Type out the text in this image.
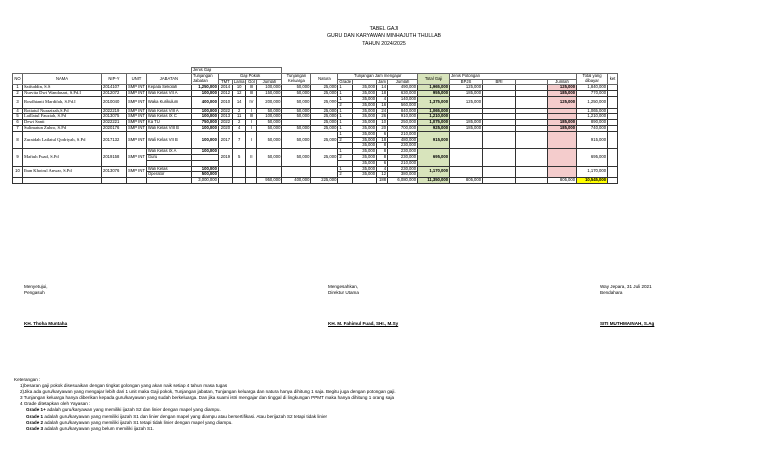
TABEL GAJI
GURU DAN KARYAWAN MINHAJUTH THULLAB
TAHUN 2024/2025
					Jenis Gaji																	
NO	NAMA	NIP-Y	UNIT	JABATAN	Tunjangan Jabatan	Gaji Pokok				Tunjangan Keluarga	Natura	Tunjangan Jam mengajar				Total Gaji	Jenis Potongan				Total yang dibayar	ket
						TMT	Lama	Gol	Jumlah			Grade		Jam	Jumlah		BPJS	BRI		Jumlah		
1	Saifuddin, S.S	2014107	SMP INT	Kepala Sekolah	1,250,000	2014	10	III	100,000	50,000	25,000	1	35,000	14	490,000	1,965,000	125,000			125,000	1,840,000	
2	Nurvita Dwi Wandasari, S.Pd.I	2012072	SMP INT	Wali Kelas VII A	100,000	2012	12	III	150,000	50,000	25,000	1	35,000	18	630,000	955,000	185,000			185,000	770,000	
3	Rosdhianti Mardifah, S.Pd.I	2010040	SMP INT	Waka Kurikulum	400,000	2010	14	IV	200,000	50,000	25,000	1	35,000	4	140,000	1,375,000	125,000			125,000	1,250,000	
												2	35,000	16	560,000							
4	Rotiatul Nurazizah,S.Pd	2022219	SMP INT	Wali Kelas VIII A	100,000	2022	2	I	50,000	50,000	25,000	1	35,000	24	840,000	1,065,000					1,065,000	
5	Laillatul Fauziah, S.Pd	2013075	SMP INT	Wali Kelas IX C	100,000	2013	11	III	100,000	50,000	25,000	1	35,000	26	910,000	1,210,000					1,210,000	
6	Dewi Santi	2022221	SMP INT	Ka TU	750,000	2022	2	I	50,000		25,000	1	35,000	10	250,000	1,075,000	185,000			185,000	890,000	
7	Sulimatun Zuhro, S.Pd	2020176	SMP INT	Wali Kelas VIII B	100,000	2020	4	I	50,000	50,000	25,000	1	35,000	20	700,000	925,000	185,000			185,000	740,000	
8	Zuraidah Lailatul Qodriyah, S.Pd	2017132	SMP INT	Wali Kelas VII B	100,000	2017	7	I	50,000	50,000	25,000	1	35,000	6	210,000	915,000					915,000	
												2	35,000	18	480,000							
													35,000	8	230,000							
9	Maftuh Fuad, S.Pd	2019158	SMP INT	Wali Kelas IX A	100,000	2019	5	II	50,000	50,000	25,000	1	35,000	8	230,000	695,000					695,000	
				Guru								2	35,000	8	230,000							
													35,000	6	210,000							
10	Iban Khoirul Anwar, S.Pd	2013076	SMP INT	Wali Kelas	100,000							1	35,000	4	230,000	1,170,000					1,170,000	
				Operator	500,000							2	35,000	12	380,000							
					3,000,000				950,000	400,000	225,000			188	6,080,000	11,350,000	805,000			805,000	10,545,000	
Keterangan :
1)besaran gaji pokok disesuaikan dengan tingkat golongan yang akan naik setiap 4 tahun masa tugas
2)Jika ada guru/karyawan yang mengajar lebih dari 1 unit maka Gaji pokok, Tunjangan jabatan, Tunjangan keluarga dan natura hanya dihitung 1 saja. Begitu juga dengan potongan gaji.
3 Tunjangan keluarga hanya diberikan kepada guru/karyawan yang sudah berkeluarga. Dan jika suami istri mengajar dan tinggal di lingkungan PPMT maka hanya dihitung 1 orang saja
4 Grade ditetapkan oleh Yayasan :
Grade 1+ adalah guru/karyawan yang memiliki ijazah S2 dan linier dengan mapel yang diampu.
Grade 1 adalah guru/karyawan yang memiliki ijazah S1 dan linier dengan mapel yang diampu atau bersertifikasi. Atau berijazah S2 tetapi tidak linier
Grade 2 adalah guru/karyawan yang memiliki ijazah S1 tetapi tidak linier dengan mapel yang diampu.
Grade 3 adalah guru/karyawan yang belum memiliki ijazah S1.
Menyetujui,
Pengasuh
KH. Thoha Muntaha
Mengesahkan,
Direktur Utama
KH. M. Fahimul Fuad, SHI., M.Sy
Way Jepara, 31 Juli 2021
Bendahara
SITI MUTHMAINAH, S.Ag
